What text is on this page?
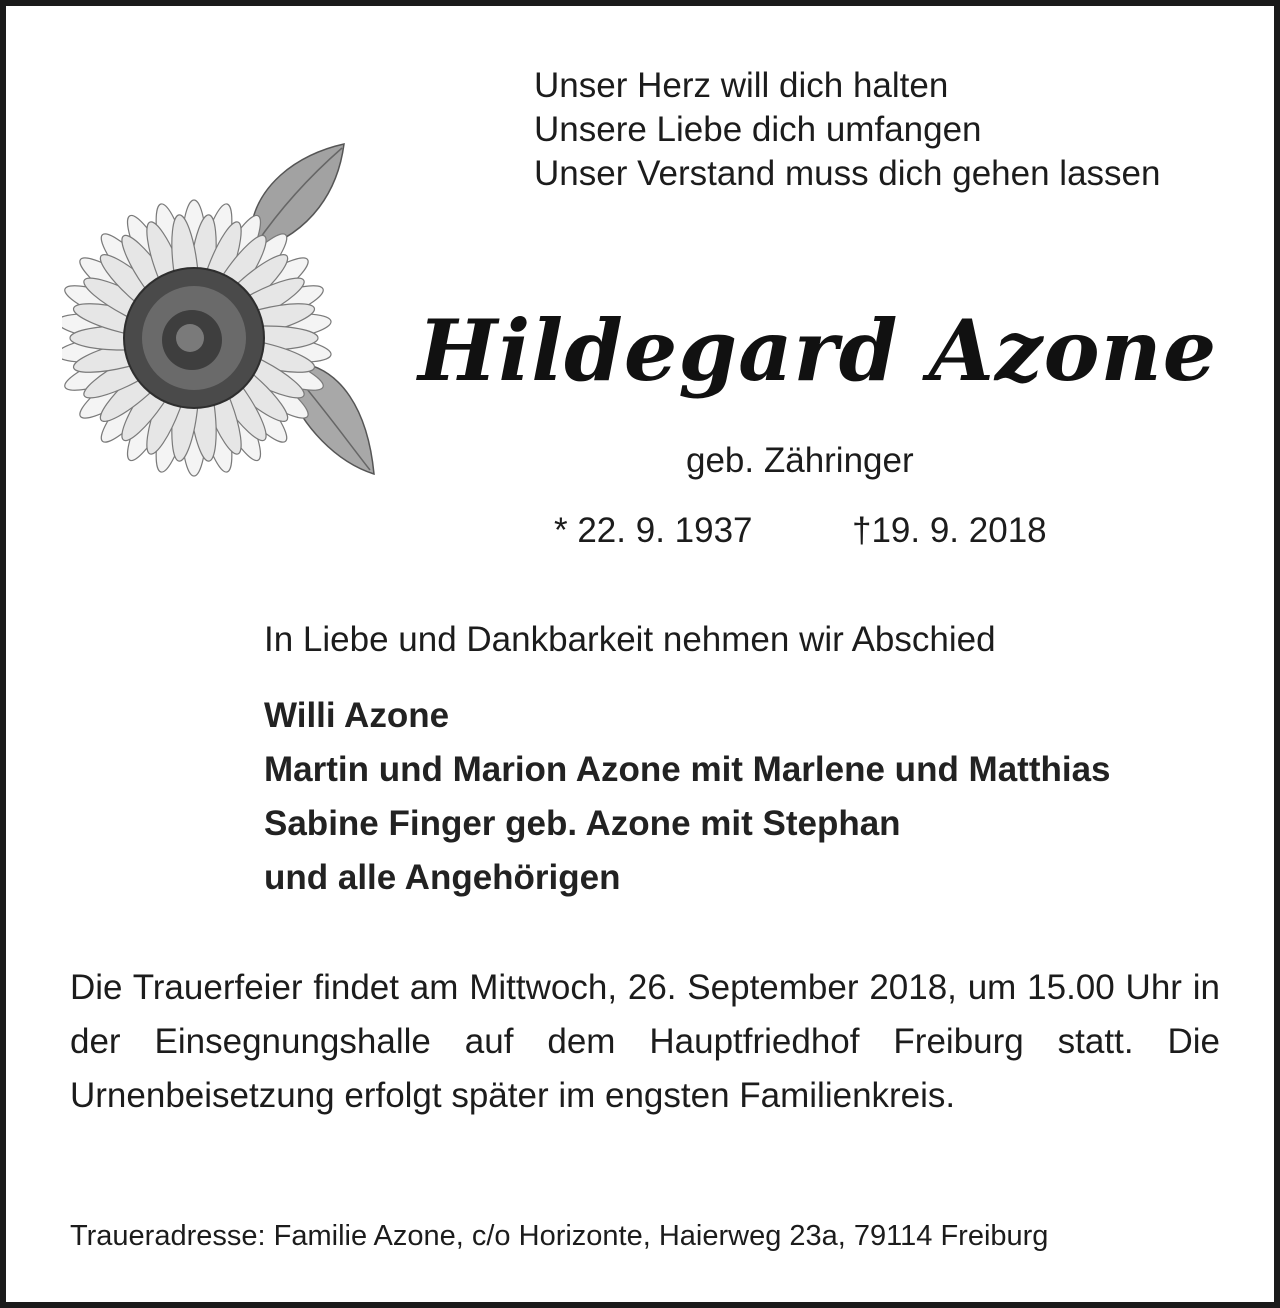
Unser Herz will dich halten
Unsere Liebe dich umfangen
Unser Verstand muss dich gehen lassen
Hildegard Azone
geb. Zähringer
* 22. 9. 1937	†19. 9. 2018
In Liebe und Dankbarkeit nehmen wir Abschied
Willi Azone
Martin und Marion Azone mit Marlene und Matthias
Sabine Finger geb. Azone mit Stephan
und alle Angehörigen

Die Trauerfeier findet am Mittwoch, 26. September 2018, um 15.00 Uhr in der Einsegnungshalle auf dem Hauptfriedhof Freiburg statt. Die Urnenbeisetzung erfolgt später im engsten Familienkreis.

Traueradresse: Familie Azone, c/o Horizonte, Haierweg 23a, 79114 Freiburg
